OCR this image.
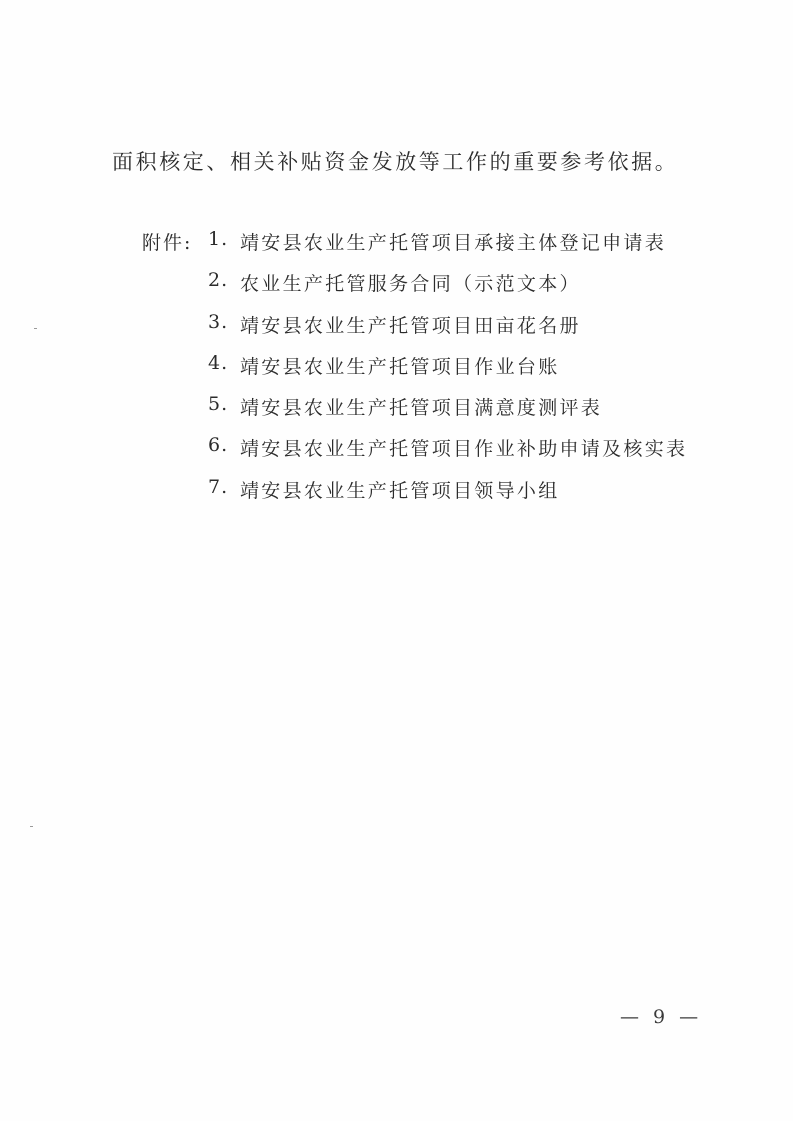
面积核定、相关补贴资金发放等工作的重要参考依据。
附件: 1. 靖安县农业生产托管项目承接主体登记申请表
2. 农业生产托管服务合同（示范文本）
3. 靖安县农业生产托管项目田亩花名册
4. 靖安县农业生产托管项目作业台账
5. 靖安县农业生产托管项目满意度测评表
6. 靖安县农业生产托管项目作业补助申请及核实表
7. 靖安县农业生产托管项目领导小组
— 9 —
